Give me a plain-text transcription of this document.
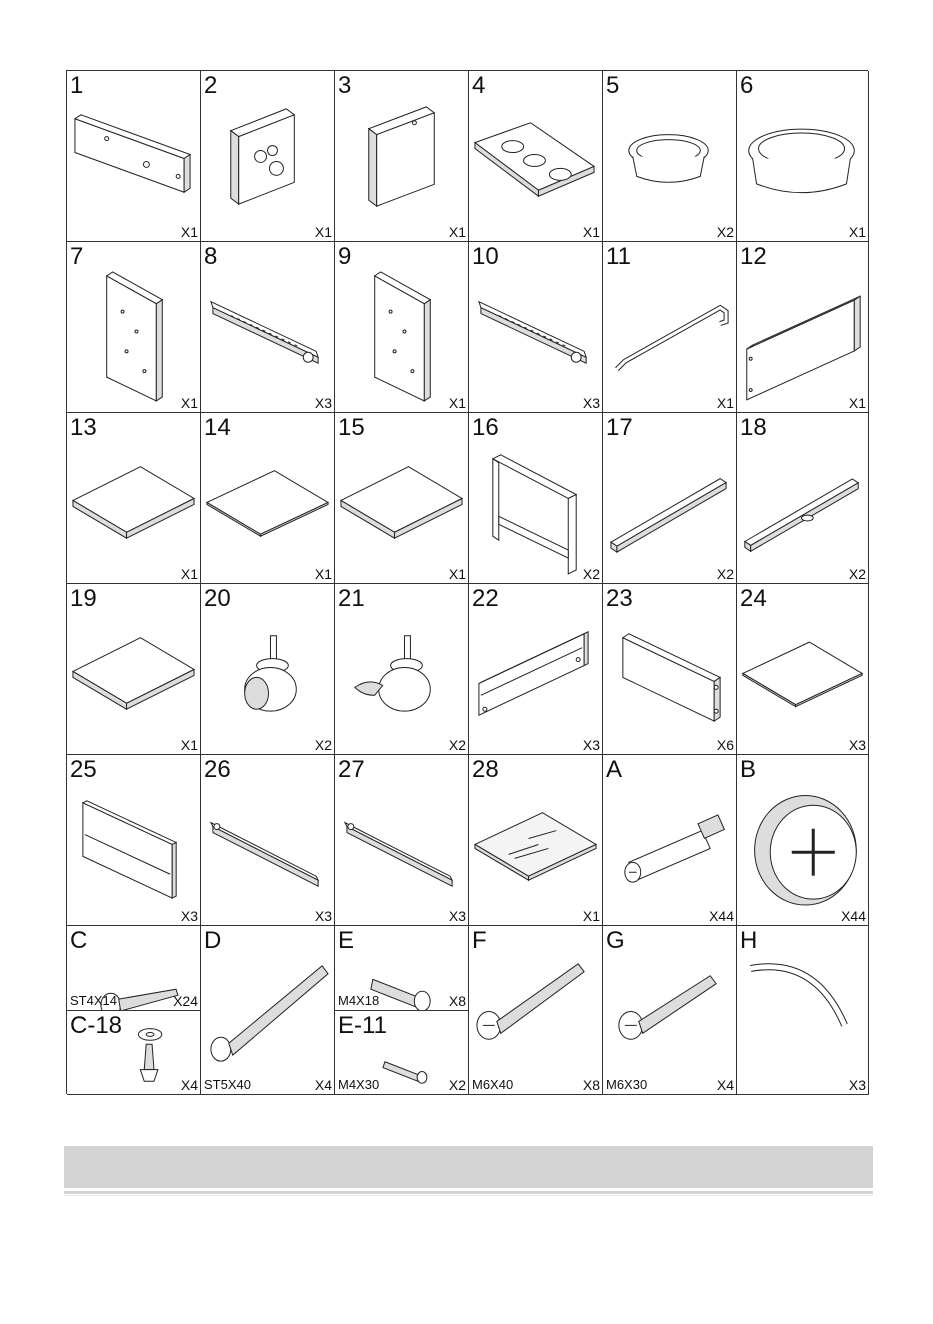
1
X1
2
X1
3
X1
4
X1
5
X2
6
X1
7
X1
8
X3
9
X1
10
X3
11
X1
12
X1
13
X1
14
X1
15
X1
16
X2
17
X2
18
X2
19
X1
20
X2
21
X2
22
X3
23
X6
24
X3
25
X3
26
X3
27
X3
28
X1
A
X44
B
X44
C
ST4X14	X24
C-18
X4
D
ST5X40	X4
E
M4X18	X8
E-11
M4X30	X2
F
M6X40	X8
G
M6X30	X4
H
X3
